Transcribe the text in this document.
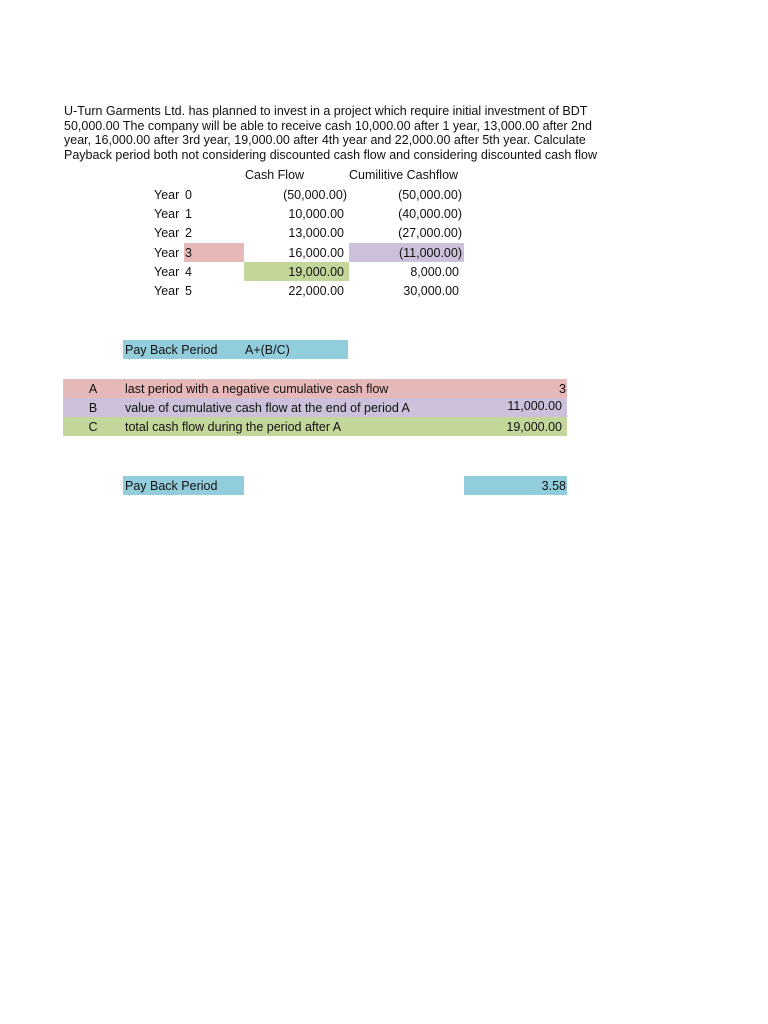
U-Turn Garments Ltd. has planned to invest in a project which require initial investment of BDT
50,000.00 The company will be able to receive cash 10,000.00 after 1 year, 13,000.00 after 2nd
year, 16,000.00 after 3rd year, 19,000.00 after 4th year and 22,000.00 after 5th year. Calculate
Payback period both not considering discounted cash flow and considering discounted cash flow
Cash Flow	Cumilitive Cashflow
Year 0	(50,000.00)	(50,000.00)
Year 1	10,000.00	(40,000.00)
Year 2	13,000.00	(27,000.00)
Year 3	16,000.00	(11,000.00)
Year 4	19,000.00	8,000.00
Year 5	22,000.00	30,000.00
Pay Back Period A+(B/C)
A	last period with a negative cumulative cash flow	3
B	value of cumulative cash flow at the end of period A	11,000.00
C	total cash flow during the period after A	19,000.00
Pay Back Period	3.58
